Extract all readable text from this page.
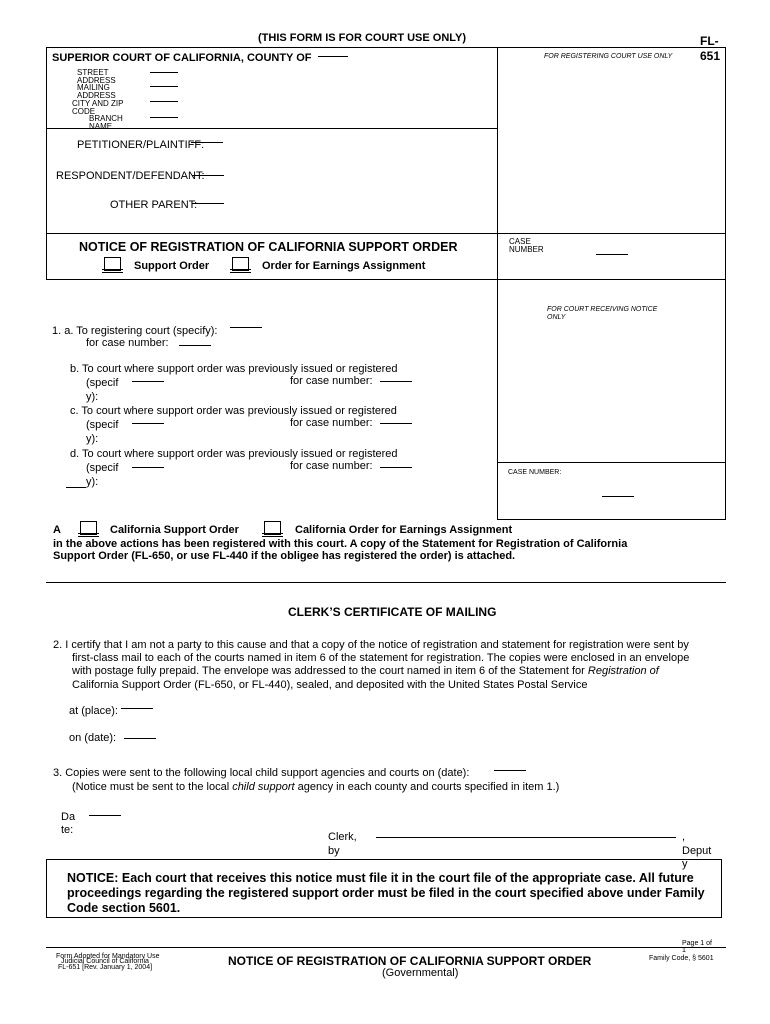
(THIS FORM IS FOR COURT USE ONLY)	FL-
651
SUPERIOR COURT OF CALIFORNIA, COUNTY OF
STREET ADDRESS
MAILING ADDRESS
CITY AND ZIP CODE
BRANCH NAME
FOR REGISTERING COURT USE ONLY
PETITIONER/PLAINTIFF:
RESPONDENT/DEFENDANT:
OTHER PARENT:
NOTICE OF REGISTRATION OF CALIFORNIA SUPPORT ORDER
Support Order	Order for Earnings Assignment
CASE NUMBER
FOR COURT RECEIVING NOTICE ONLY
CASE NUMBER:
1. a. To registering court (specify):
for case number:
b. To court where support order was previously issued or registered
(specif
y):
for case number:
c. To court where support order was previously issued or registered
(specif
y):
for case number:
d. To court where support order was previously issued or registered
(specif
y):
for case number:
A	California Support Order	California Order for Earnings Assignment
in the above actions has been registered with this court. A copy of the Statement for Registration of California
Support Order (FL-650, or use FL-440 if the obligee has registered the order) is attached.
CLERK’S CERTIFICATE OF MAILING
2. I certify that I am not a party to this cause and that a copy of the notice of registration and statement for registration were sent by
first-class mail to each of the courts named in item 6 of the statement for registration. The copies were enclosed in an envelope
with postage fully prepaid. The envelope was addressed to the court named in item 6 of the Statement for Registration of
California Support Order (FL-650, or FL-440), sealed, and deposited with the United States Postal Service
at (place):
on (date):
3. Copies were sent to the following local child support agencies and courts on (date):
(Notice must be sent to the local child support agency in each county and courts specified in item 1.)
Da
te:
Clerk,
by
,
Deput
y
NOTICE: Each court that receives this notice must file it in the court file of the appropriate case. All future proceedings regarding the registered support order must be filed in the court specified above under Family Code section 5601.
Form Adopted for Mandatory Use
Judicial Council of California
FL-651 [Rev. January 1, 2004]	NOTICE OF REGISTRATION OF CALIFORNIA SUPPORT ORDER
(Governmental)
Page 1 of
1
Family Code, § 5601
